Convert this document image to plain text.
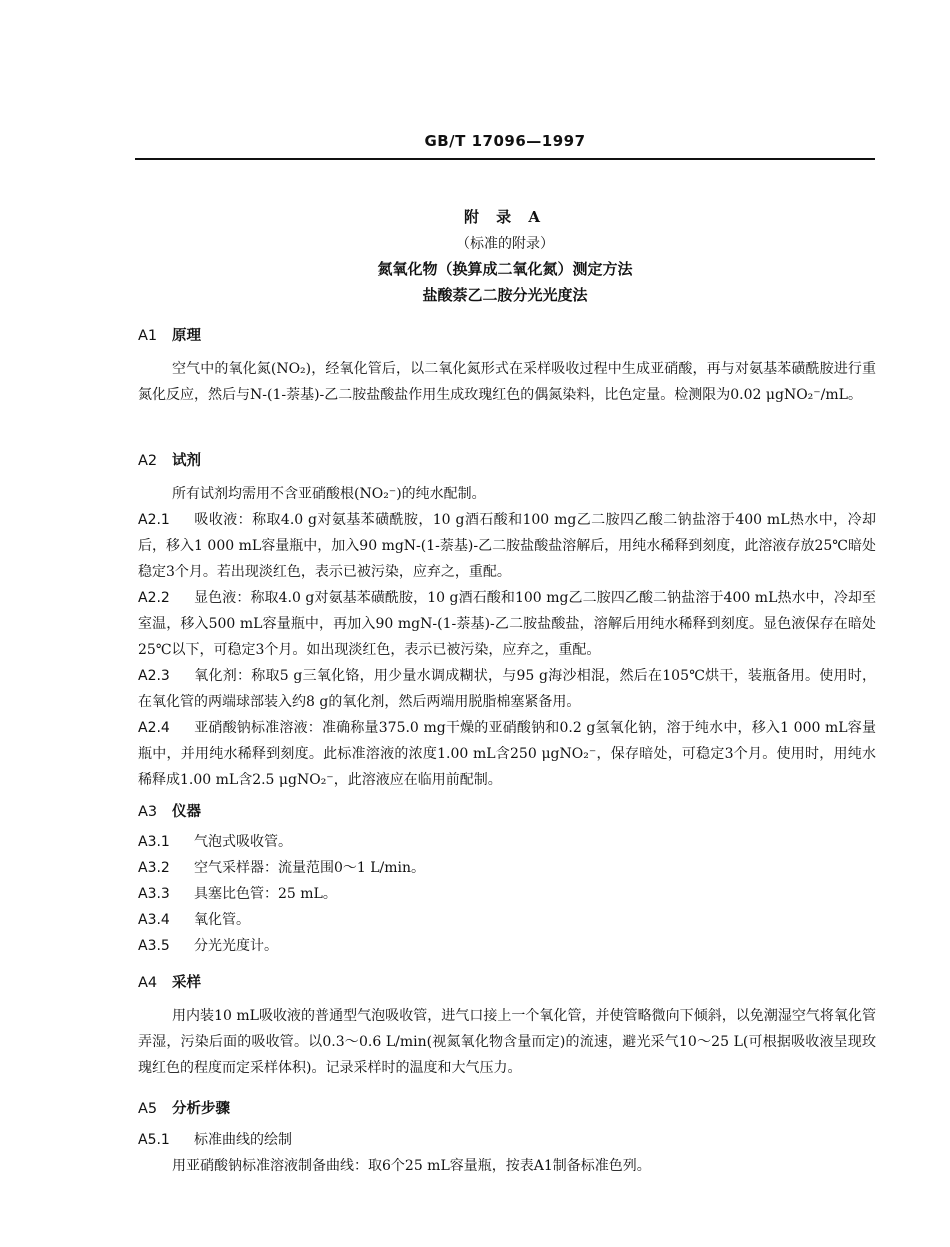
GB/T 17096—1997
附 录 A
（标准的附录）
氮氧化物（换算成二氧化氮）测定方法
盐酸萘乙二胺分光光度法
A1 原理
空气中的氧化氮(NO₂)，经氧化管后，以二氧化氮形式在采样吸收过程中生成亚硝酸，再与对氨基苯磺酰胺进行重氮化反应，然后与N-(1-萘基)-乙二胺盐酸盐作用生成玫瑰红色的偶氮染料，比色定量。检测限为0.02 μgNO₂⁻/mL。
A2 试剂
所有试剂均需用不含亚硝酸根(NO₂⁻)的纯水配制。
A2.1 吸收液：称取4.0 g对氨基苯磺酰胺，10 g酒石酸和100 mg乙二胺四乙酸二钠盐溶于400 mL热水中，冷却后，移入1 000 mL容量瓶中，加入90 mgN-(1-萘基)-乙二胺盐酸盐溶解后，用纯水稀释到刻度，此溶液存放25℃暗处稳定3个月。若出现淡红色，表示已被污染，应弃之，重配。
A2.2 显色液：称取4.0 g对氨基苯磺酰胺，10 g酒石酸和100 mg乙二胺四乙酸二钠盐溶于400 mL热水中，冷却至室温，移入500 mL容量瓶中，再加入90 mgN-(1-萘基)-乙二胺盐酸盐，溶解后用纯水稀释到刻度。显色液保存在暗处25℃以下，可稳定3个月。如出现淡红色，表示已被污染，应弃之，重配。
A2.3 氧化剂：称取5 g三氧化铬，用少量水调成糊状，与95 g海沙相混，然后在105℃烘干，装瓶备用。使用时，在氧化管的两端球部装入约8 g的氧化剂，然后两端用脱脂棉塞紧备用。
A2.4 亚硝酸钠标准溶液：准确称量375.0 mg干燥的亚硝酸钠和0.2 g氢氧化钠，溶于纯水中，移入1 000 mL容量瓶中，并用纯水稀释到刻度。此标准溶液的浓度1.00 mL含250 μgNO₂⁻，保存暗处，可稳定3个月。使用时，用纯水稀释成1.00 mL含2.5 μgNO₂⁻，此溶液应在临用前配制。
A3 仪器
A3.1 气泡式吸收管。
A3.2 空气采样器：流量范围0～1 L/min。
A3.3 具塞比色管：25 mL。
A3.4 氧化管。
A3.5 分光光度计。
A4 采样
用内装10 mL吸收液的普通型气泡吸收管，进气口接上一个氧化管，并使管略微向下倾斜，以免潮湿空气将氧化管弄湿，污染后面的吸收管。以0.3～0.6 L/min(视氮氧化物含量而定)的流速，避光采气10～25 L(可根据吸收液呈现玫瑰红色的程度而定采样体积)。记录采样时的温度和大气压力。
A5 分析步骤
A5.1 标准曲线的绘制
用亚硝酸钠标准溶液制备曲线：取6个25 mL容量瓶，按表A1制备标准色列。
